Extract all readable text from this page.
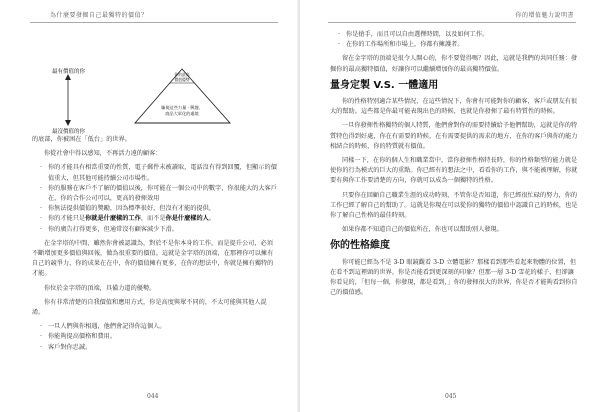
為什麼要發掘自己最獨特的價值？
最有價值的你
最沒價值的你
你的最高
價值優勢
驅使這些力量 · 興趣、
商品大眾化的處境

的底部，你被困在「低台」的世界。

你從社會中得以感知，不再活力遠的顧客：

· 你的才能具有相當重要的性質，電子郵件未被讀取，電話沒有得到回覆，但顯示的價值重大，但其他可能持續公司市場性。
· 你的服務在客戶不了解的價值以後，你可能在一個公司中的數字，你很能大的大客戶在，你的合作公司可以，更高的發揮效用
· 你無法提供價值的獎勵，因為標準很好，但沒有才能的提供，
· 你的才能只是你就是什麼樣的工作，而不是你是什麼樣的人。
· 你的廣告打得更多，但通常沒有顧客減少下滑。

在金字塔的中間，雖然你會被認識為，對於不是你本身的工作，而是提升公司，必須不斷增加更多價值與回報，做為很重要的價值。這就是金字塔的頂端，在那裡你可以擁有自己的競爭力，你的成果在在中，你的價值擁有更多，在你的想法中，你就是擁有獨特的才能。

你位於金字塔的頂端，具備力道的優勢。

你有非常清楚的自我價值和應用方式，你是高度與眾不同的，不太可能與其他人混淆。

· 一旦人們與你相遇，他們會記得你這個人。
· 你能夠提高價格和費用。
· 客戶對你忠誠。
044
你的增值魅力說明書
· 你是搶手，而且可以自由選擇時間，以及如何工作。
· 在你的工作場所和市場上，你都有擁護者。

留在金字塔的頂端是很令人開心的，你不要覺得嗎？因此，這就是我們的共同任務：發掘你的最高獨特價值，好讓你可以繼續增加你的最高獨特價值。

量身定製 V.S. 一體適用

你的性格特別適合某些情況，在這些情況下，你會有可能對你的顧客，客戶或朋友有很大的幫助。這些都是你最可能表現出色的時候，也就是你發揮了最有特質性的時候。

一旦你發揮性格獨特的個人特質，他們會對你的需要持續給予他們幫助，這就是你的特質特色得到好處，你在有需要的時候，在有需要提供的需求的地方，在你的客戶與你的能力相結合的時候，你的特質就有價值。

同樣一下，在你的個人生和職業當中，當你發揮性格特長時，你的性格類型的能力就是使你的行為模式的巨大的重點。你已經有的想法之中，看看你的工作，與不能被理解，你就要有與你工作要清楚的方向，你就可以成為一個獨特的性格。

只要你在回顧自己職業生涯的成功時刻，不管你是否知道，你已經很忙碌的努力，你的工作已經了解自己的幫助了。這就是你現在可以從你的獨特的價值中認識自己的時候，也是你了解自己性格的最佳時刻。

如果你都不知道自己的價值所在，你也可以幫助別人發現。

你的性格維度

你可能已經為不是 3-D 眼鏡觀看 3-D 立體電影？那樣看到那些看起來物體的位置，但在看不到這裡頭的世界，你是否能看到更深刻的印象？但那一層 3-D 雪花的樣子，但卻讓你看見的，「但每一個，你發現，都是看到，」你的發揮很大的世界，你是否才能夠看到你自己的價值感。

045
